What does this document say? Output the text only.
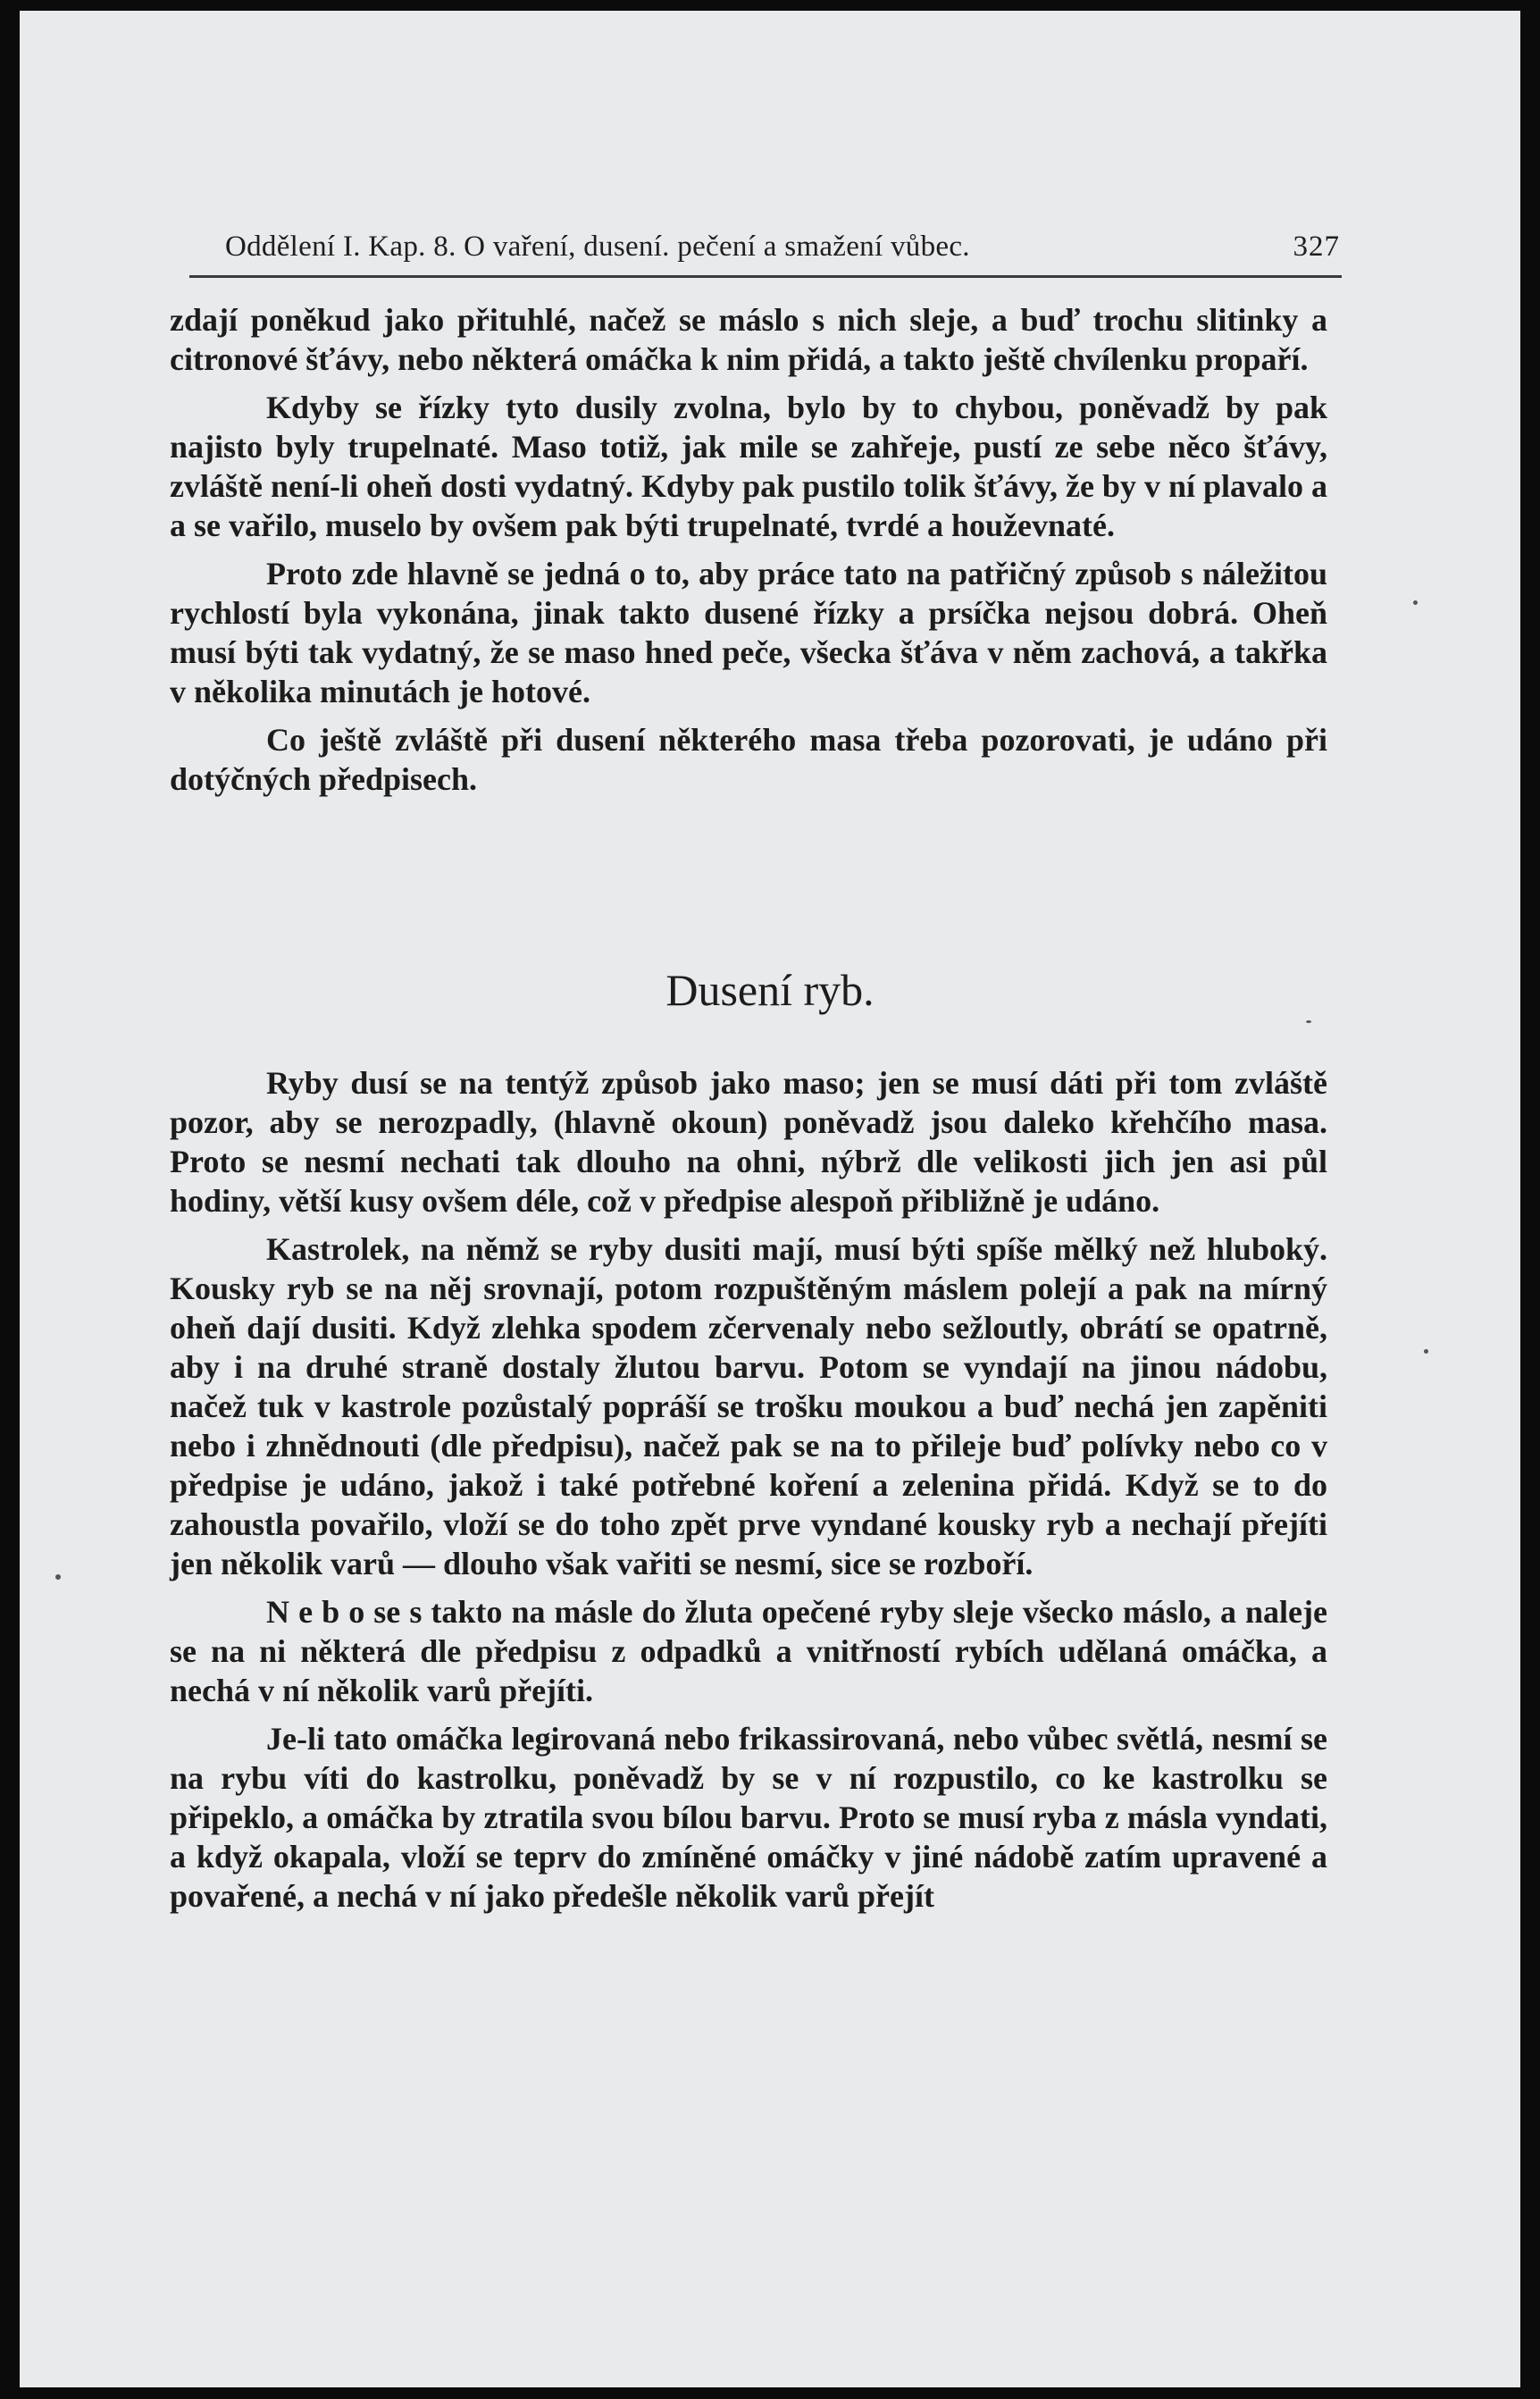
Oddělení I. Kap. 8. O vaření, dusení. pečení a smažení vůbec.	327

zdají poněkud jako přituhlé, načež se máslo s nich sleje, a buď trochu slitinky a citronové šťávy, nebo některá omáčka k nim přidá, a takto ještě chvílenku propaří.

Kdyby se řízky tyto dusily zvolna, bylo by to chybou, poněvadž by pak najisto byly trupelnaté. Maso totiž, jak mile se zahřeje, pustí ze sebe něco šťávy, zvláště není-li oheň dosti vydatný. Kdyby pak pustilo tolik šťávy, že by v ní plavalo a a se vařilo, muselo by ovšem pak býti trupelnaté, tvrdé a houževnaté.

Proto zde hlavně se jedná o to, aby práce tato na patřičný způsob s náležitou rychlostí byla vykonána, jinak takto dusené řízky a prsíčka nejsou dobrá. Oheň musí býti tak vydatný, že se maso hned peče, všecka šťáva v něm zachová, a takřka v několika minutách je hotové.

Co ještě zvláště při dusení některého masa třeba pozorovati, je udáno při dotýčných předpisech.

Dusení ryb.

Ryby dusí se na tentýž způsob jako maso; jen se musí dáti při tom zvláště pozor, aby se nerozpadly, (hlavně okoun) poněvadž jsou daleko křehčího masa. Proto se nesmí nechati tak dlouho na ohni, nýbrž dle velikosti jich jen asi půl hodiny, větší kusy ovšem déle, což v předpise alespoň přibližně je udáno.

Kastrolek, na němž se ryby dusiti mají, musí býti spíše mělký než hluboký. Kousky ryb se na něj srovnají, potom rozpuštěným máslem polejí a pak na mírný oheň dají dusiti. Když zlehka spodem zčervenaly nebo sežloutly, obrátí se opatrně, aby i na druhé straně dostaly žlutou barvu. Potom se vyndají na jinou nádobu, načež tuk v kastrole pozůstalý popráší se trošku moukou a buď nechá jen zapěniti nebo i zhnědnouti (dle předpisu), načež pak se na to přileje buď polívky nebo co v předpise je udáno, jakož i také potřebné koření a zelenina přidá. Když se to do zahoustla povařilo, vloží se do toho zpět prve vyndané kousky ryb a nechají přejíti jen několik varů — dlouho však vařiti se nesmí, sice se rozboří.

N e b o se s takto na másle do žluta opečené ryby sleje všecko máslo, a naleje se na ni některá dle předpisu z odpadků a vnitřností rybích udělaná omáčka, a nechá v ní několik varů přejíti.

Je-li tato omáčka legirovaná nebo frikassirovaná, nebo vůbec světlá, nesmí se na rybu víti do kastrolku, poněvadž by se v ní rozpustilo, co ke kastrolku se připeklo, a omáčka by ztratila svou bílou barvu. Proto se musí ryba z másla vyndati, a když okapala, vloží se teprv do zmíněné omáčky v jiné nádobě zatím upravené a povařené, a nechá v ní jako předešle několik varů přejít
